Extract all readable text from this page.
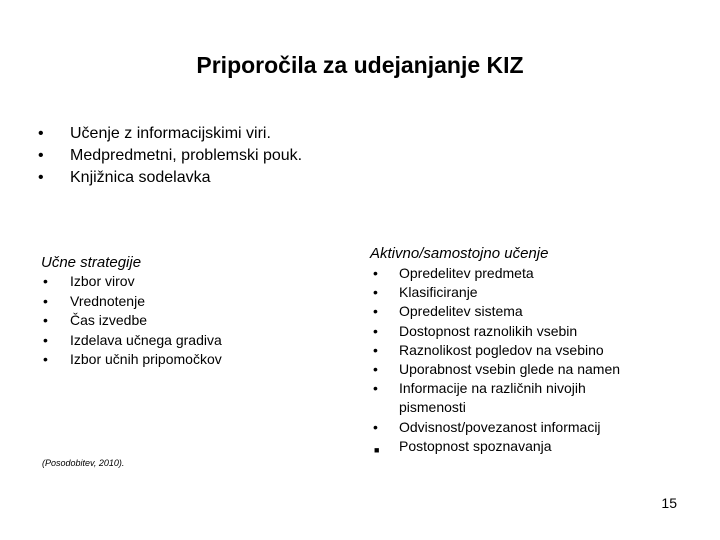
Priporočila za udejanjanje KIZ
• Učenje z informacijskimi viri.
• Medpredmetni, problemski pouk.
• Knjižnica sodelavka
Učne strategije
• Izbor virov
• Vrednotenje
• Čas izvedbe
• Izdelava učnega gradiva
• Izbor učnih pripomočkov
Aktivno/samostojno učenje
• Opredelitev predmeta
• Klasificiranje
• Opredelitev sistema
• Dostopnost raznolikih vsebin
• Raznolikost pogledov na vsebino
• Uporabnost vsebin glede na namen
• Informacije na različnih nivojih pismenosti
• Odvisnost/povezanost informacij
■ Postopnost spoznavanja
(Posodobitev, 2010).
15
